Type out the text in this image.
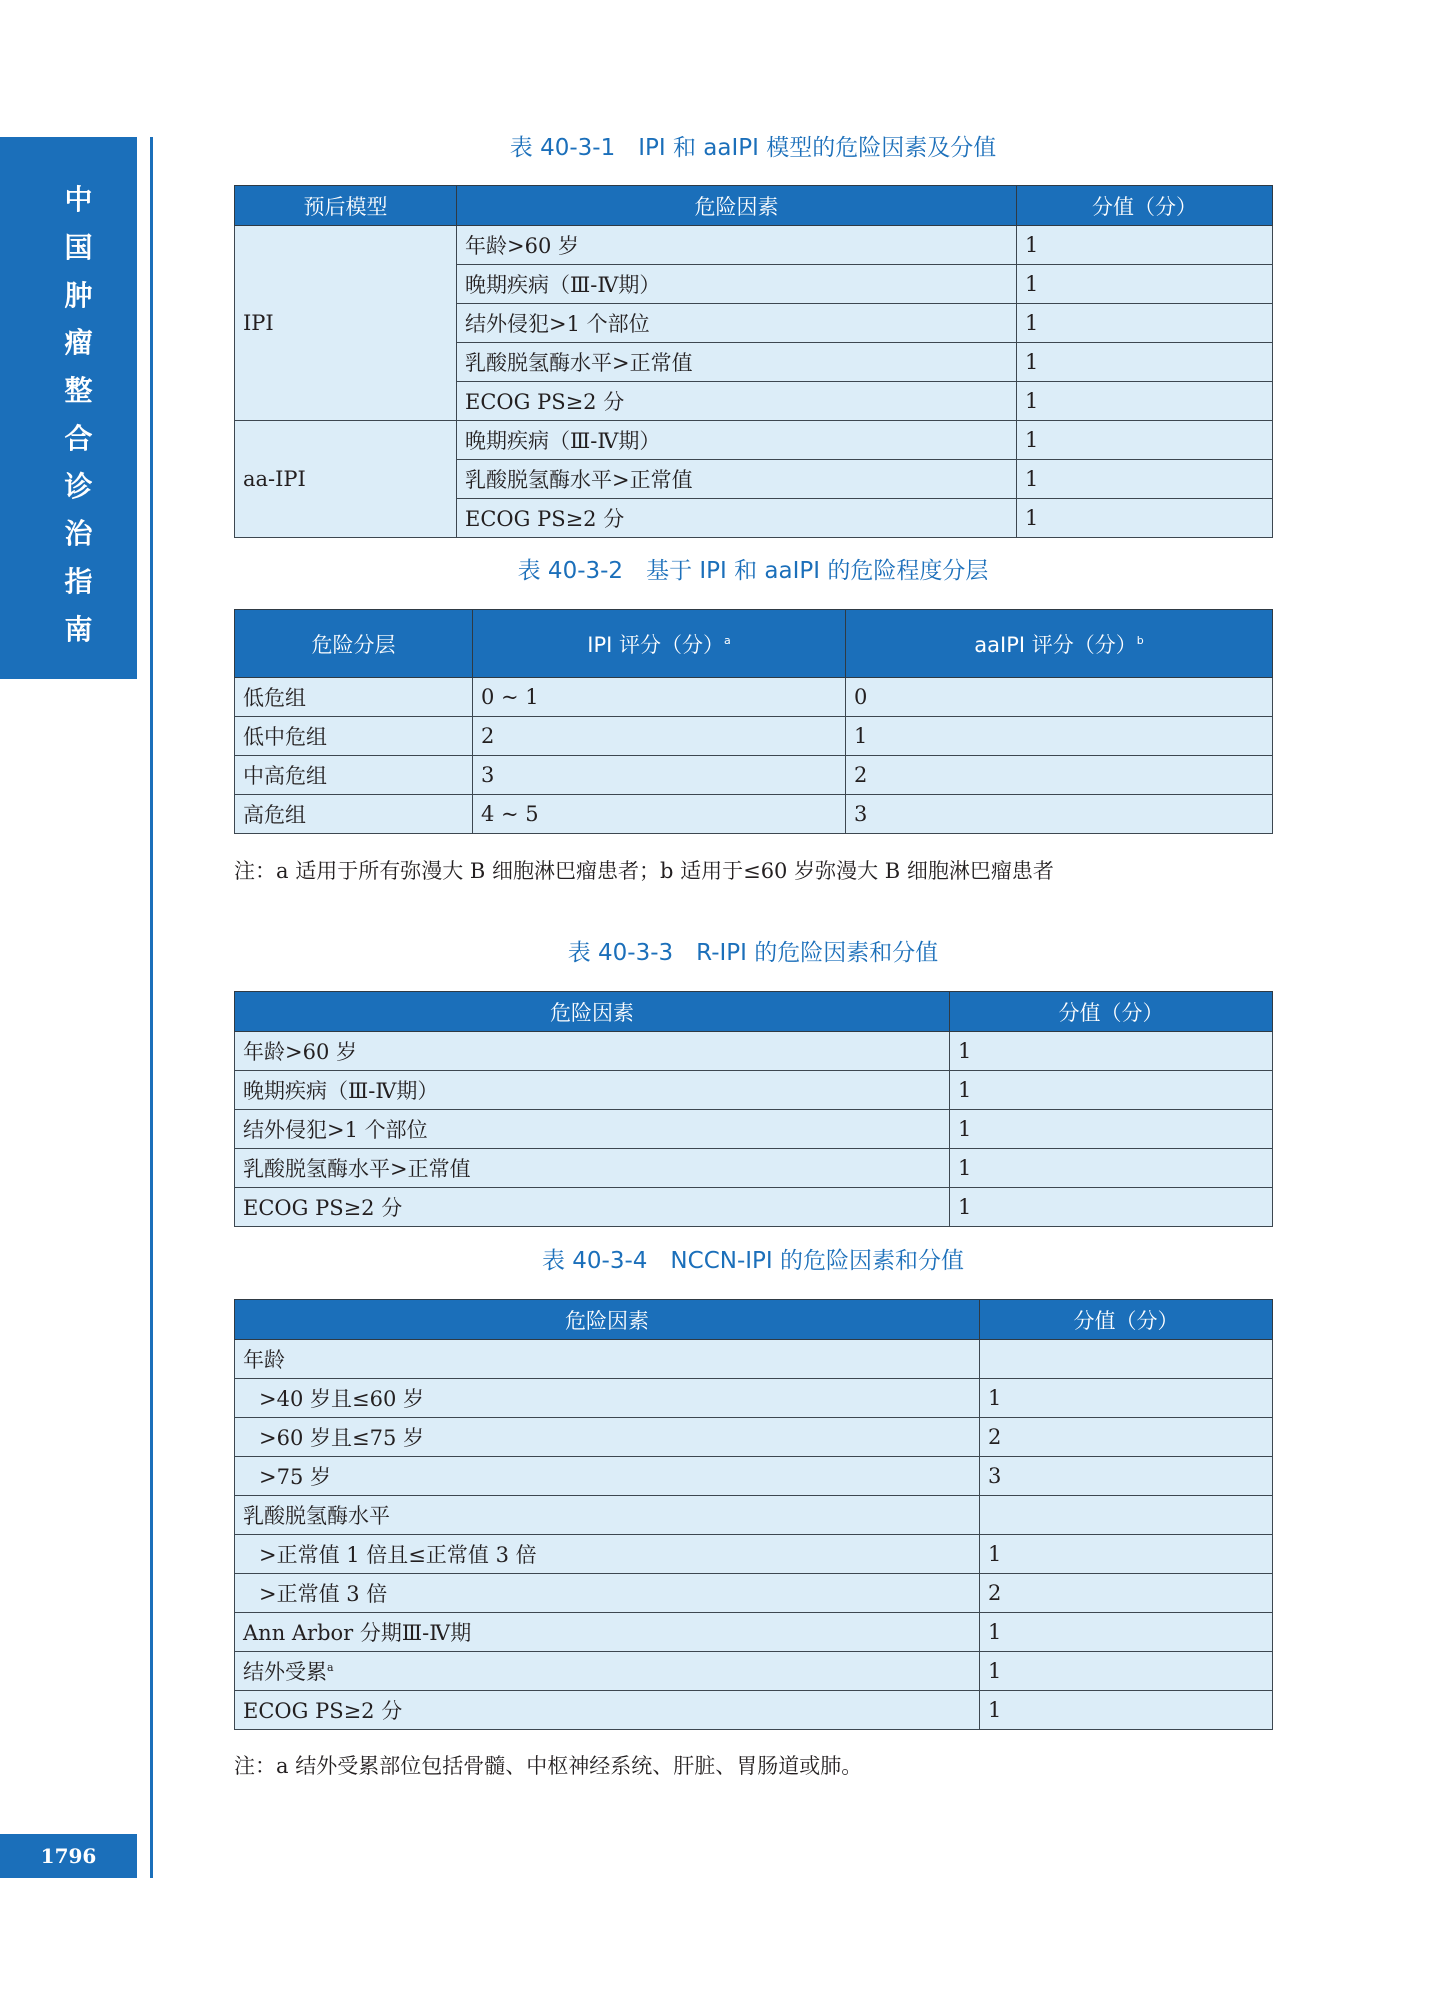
中
国
肿
瘤
整
合
诊
治
指
南
1796
表 40-3-1　IPI 和 aaIPI 模型的危险因素及分值
预后模型	危险因素	分值（分）
IPI	年龄>60 岁	1
	晚期疾病（Ⅲ-Ⅳ期）	1
	结外侵犯>1 个部位	1
	乳酸脱氢酶水平>正常值	1
	ECOG PS≥2 分	1
aa-IPI	晚期疾病（Ⅲ-Ⅳ期）	1
	乳酸脱氢酶水平>正常值	1
	ECOG PS≥2 分	1
表 40-3-2　基于 IPI 和 aaIPI 的危险程度分层
危险分层	IPI 评分（分）$^a$	aaIPI 评分（分）$^b$
低危组	0 ~ 1	0
低中危组	2	1
中高危组	3	2
高危组	4 ~ 5	3
注：a 适用于所有弥漫大 B 细胞淋巴瘤患者；b 适用于≤60 岁弥漫大 B 细胞淋巴瘤患者
表 40-3-3　R-IPI 的危险因素和分值
危险因素	分值（分）
年龄>60 岁	1
晚期疾病（Ⅲ-Ⅳ期）	1
结外侵犯>1 个部位	1
乳酸脱氢酶水平>正常值	1
ECOG PS≥2 分	1
表 40-3-4　NCCN-IPI 的危险因素和分值
危险因素	分值（分）
年龄	
>40 岁且≤60 岁	1
>60 岁且≤75 岁	2
>75 岁	3
乳酸脱氢酶水平	
>正常值 1 倍且≤正常值 3 倍	1
>正常值 3 倍	2
Ann Arbor 分期Ⅲ-Ⅳ期	1
结外受累$^a$	1
ECOG PS≥2 分	1
注：a 结外受累部位包括骨髓、中枢神经系统、肝脏、胃肠道或肺。
